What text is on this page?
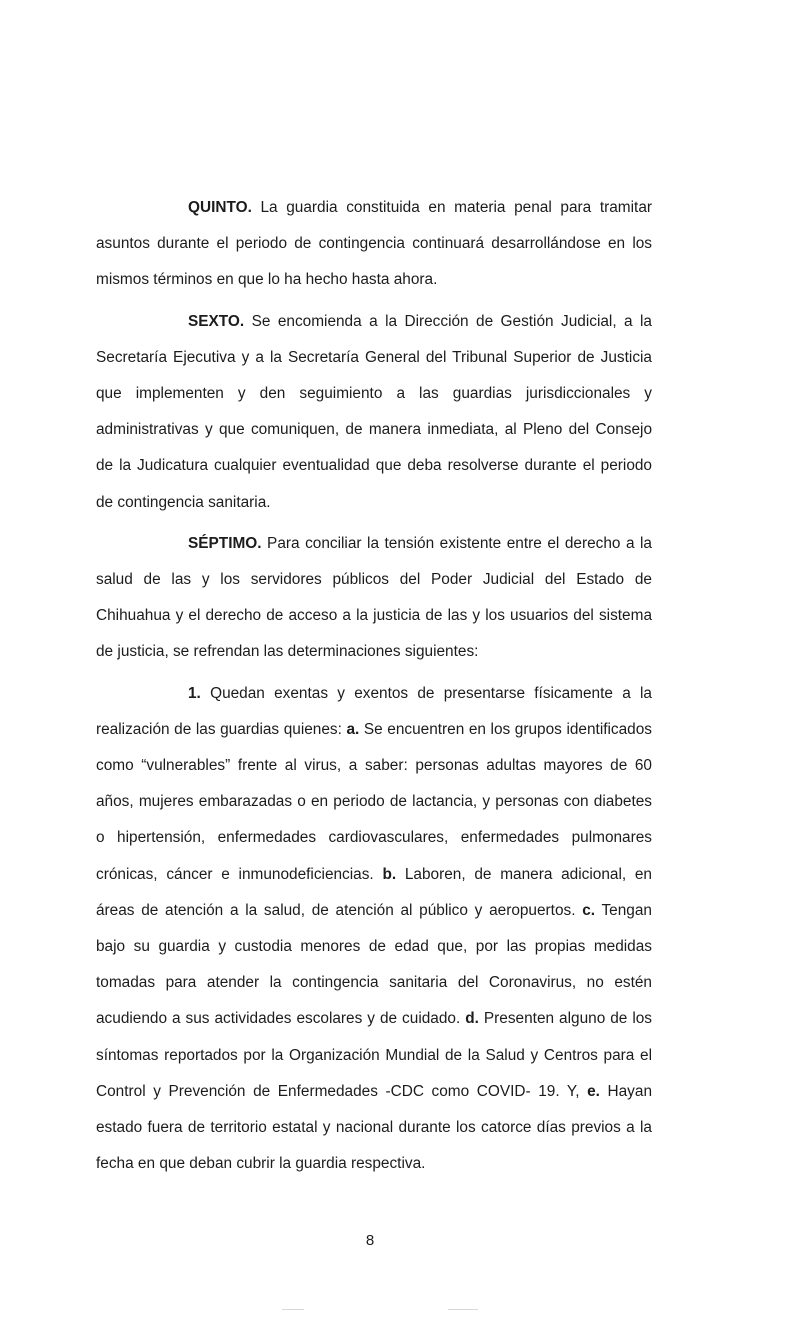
QUINTO. La guardia constituida en materia penal para tramitar asuntos durante el periodo de contingencia continuará desarrollándose en los mismos términos en que lo ha hecho hasta ahora.

SEXTO. Se encomienda a la Dirección de Gestión Judicial, a la Secretaría Ejecutiva y a la Secretaría General del Tribunal Superior de Justicia que implementen y den seguimiento a las guardias jurisdiccionales y administrativas y que comuniquen, de manera inmediata, al Pleno del Consejo de la Judicatura cualquier eventualidad que deba resolverse durante el periodo de contingencia sanitaria.

SÉPTIMO. Para conciliar la tensión existente entre el derecho a la salud de las y los servidores públicos del Poder Judicial del Estado de Chihuahua y el derecho de acceso a la justicia de las y los usuarios del sistema de justicia, se refrendan las determinaciones siguientes:

1. Quedan exentas y exentos de presentarse físicamente a la realización de las guardias quienes: a. Se encuentren en los grupos identificados como “vulnerables” frente al virus, a saber: personas adultas mayores de 60 años, mujeres embarazadas o en periodo de lactancia, y personas con diabetes o hipertensión, enfermedades cardiovasculares, enfermedades pulmonares crónicas, cáncer e inmunodeficiencias. b. Laboren, de manera adicional, en áreas de atención a la salud, de atención al público y aeropuertos. c. Tengan bajo su guardia y custodia menores de edad que, por las propias medidas tomadas para atender la contingencia sanitaria del Coronavirus, no estén acudiendo a sus actividades escolares y de cuidado. d. Presenten alguno de los síntomas reportados por la Organización Mundial de la Salud y Centros para el Control y Prevención de Enfermedades -CDC como COVID- 19. Y, e. Hayan estado fuera de territorio estatal y nacional durante los catorce días previos a la fecha en que deban cubrir la guardia respectiva.

8
